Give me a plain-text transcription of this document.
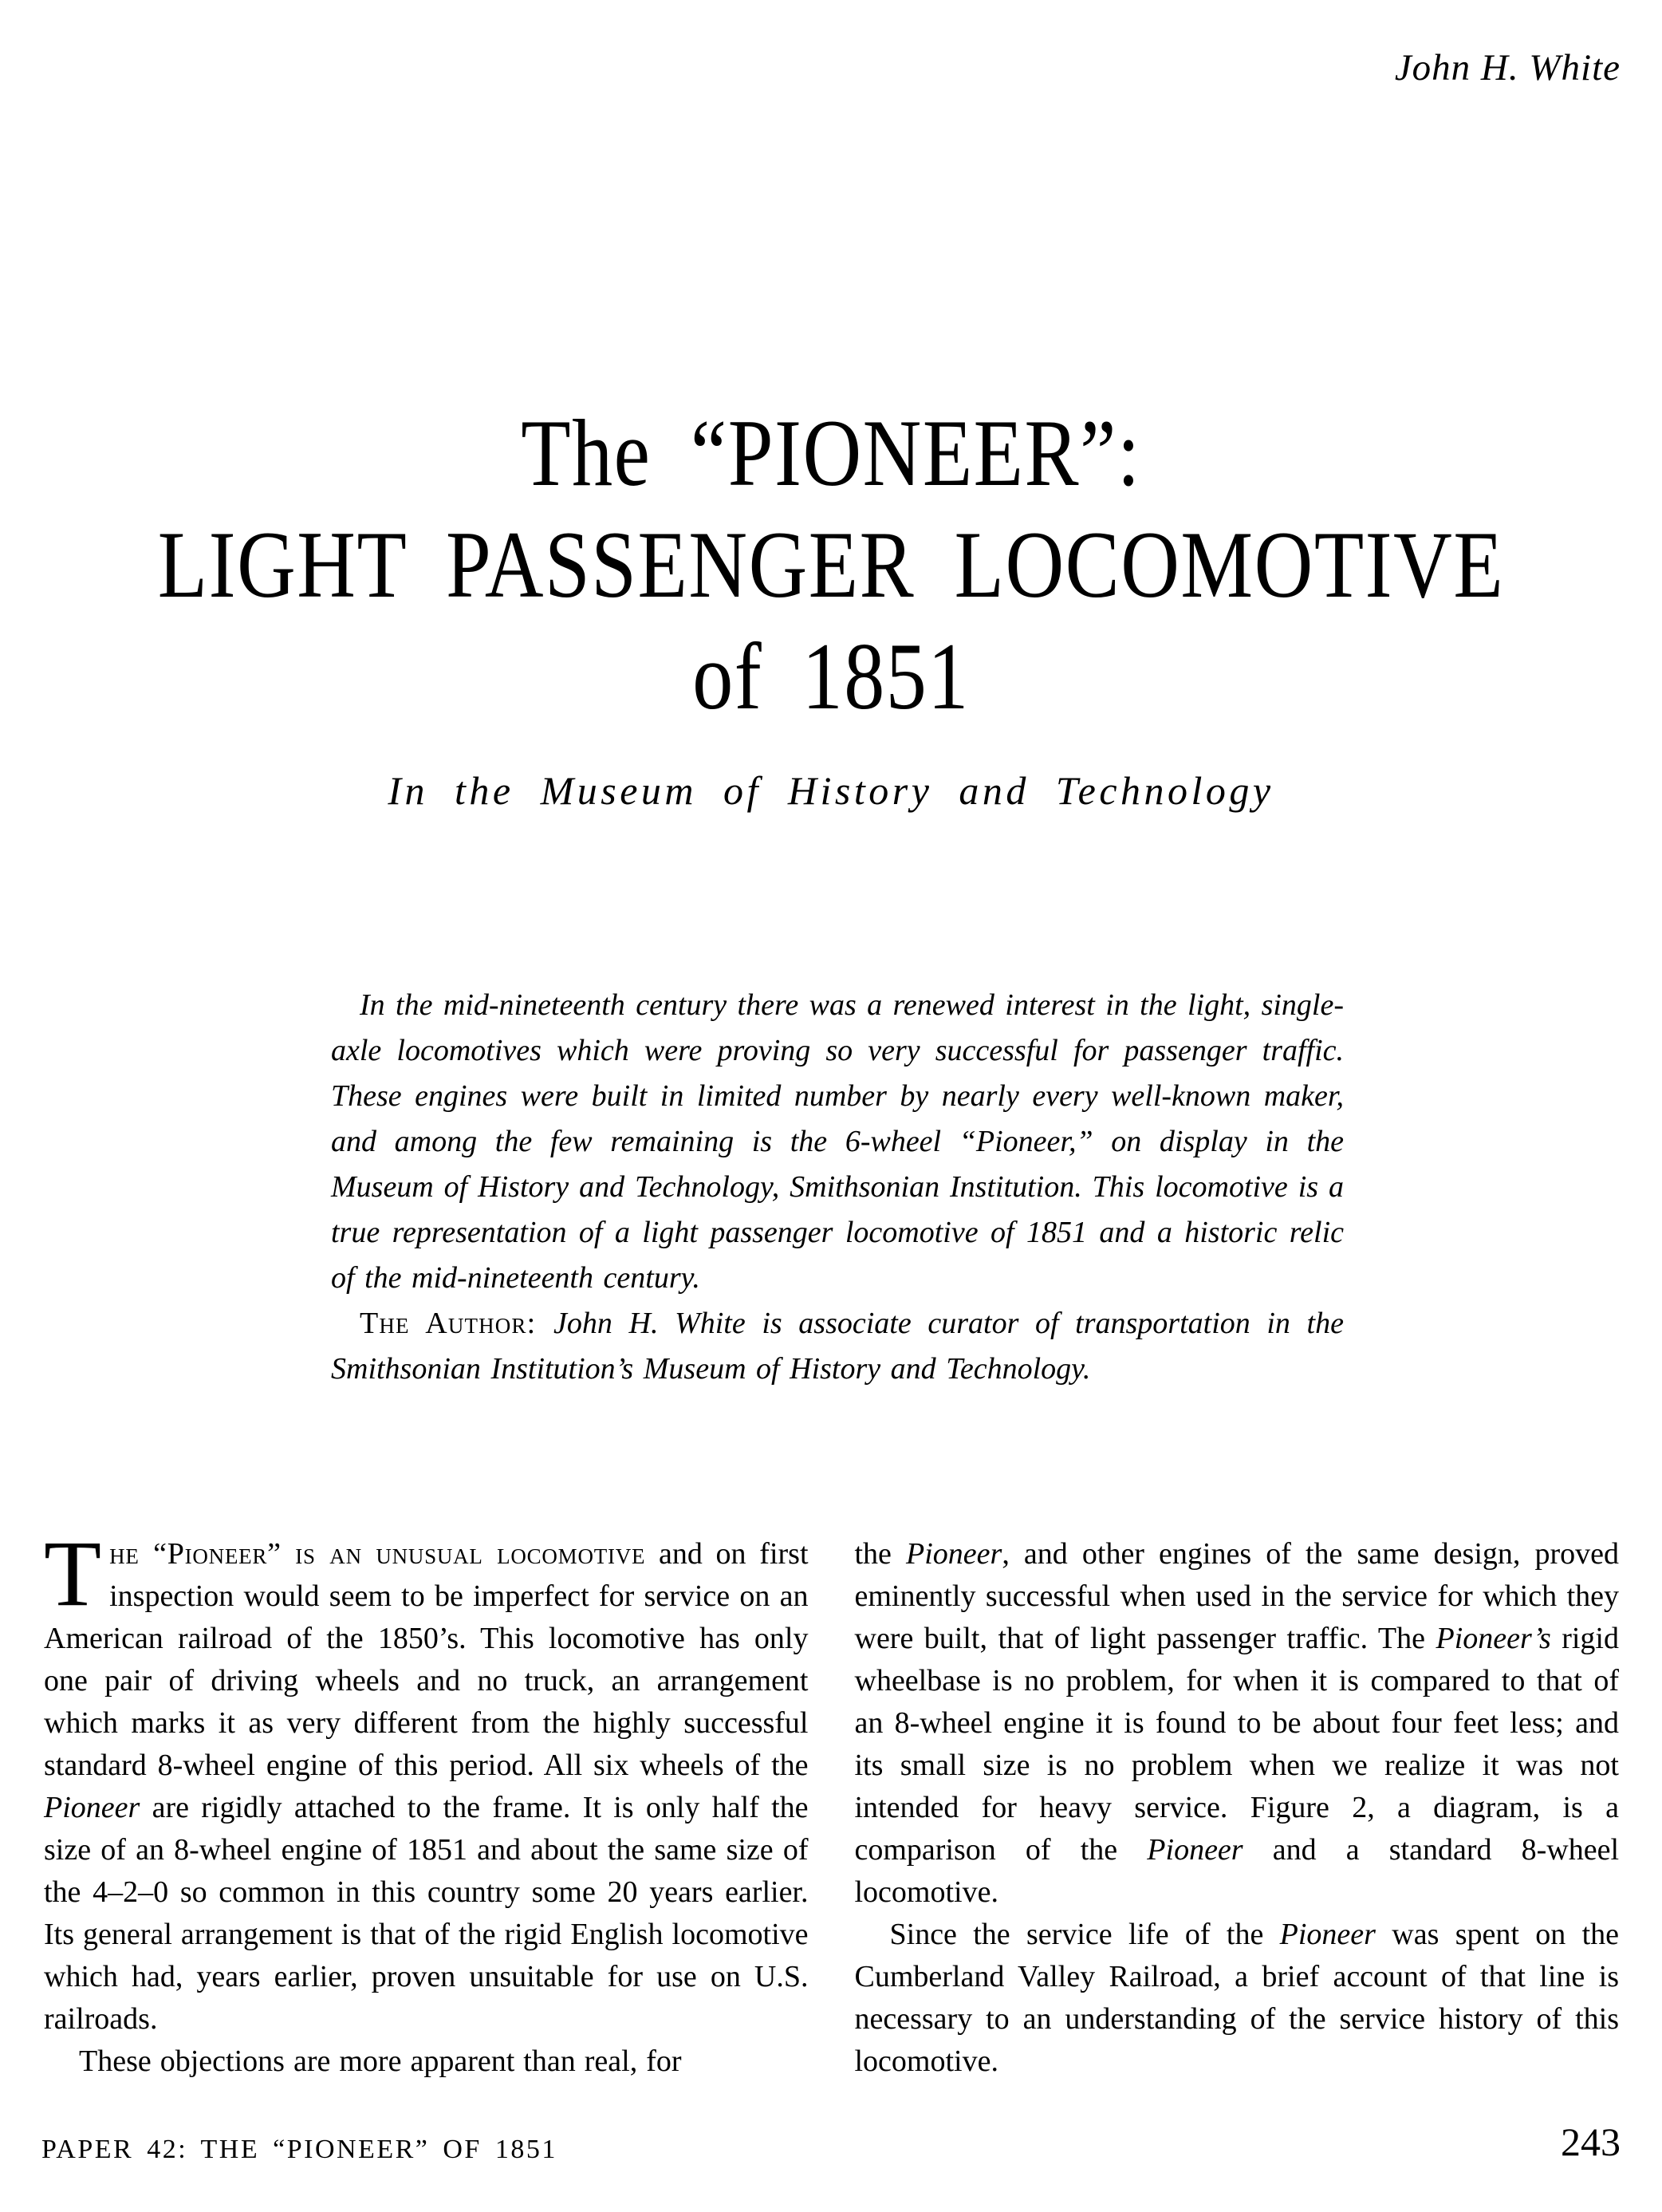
John H. White
The “PIONEER”:
LIGHT PASSENGER LOCOMOTIVE
of 1851
In the Museum of History and Technology

In the mid-nineteenth century there was a renewed interest in the light, single-axle locomotives which were proving so very successful for passenger traffic. These engines were built in limited number by nearly every well-known maker, and among the few remaining is the 6-wheel “Pioneer,” on display in the Museum of History and Technology, Smithsonian Institution. This locomotive is a true representation of a light passenger locomotive of 1851 and a historic relic of the mid-nineteenth century.

The Author: John H. White is associate curator of transportation in the Smithsonian Institution’s Museum of History and Technology.

The “Pioneer” is an unusual locomotive and on first inspection would seem to be imperfect for service on an American railroad of the 1850’s. This locomotive has only one pair of driving wheels and no truck, an arrangement which marks it as very different from the highly successful standard 8-wheel engine of this period. All six wheels of the Pioneer are rigidly attached to the frame. It is only half the size of an 8-wheel engine of 1851 and about the same size of the 4–2–0 so common in this country some 20 years earlier. Its general arrangement is that of the rigid English locomotive which had, years earlier, proven unsuitable for use on U.S. railroads.

These objections are more apparent than real, for

the Pioneer, and other engines of the same design, proved eminently successful when used in the service for which they were built, that of light passenger traffic. The Pioneer’s rigid wheelbase is no problem, for when it is compared to that of an 8-wheel engine it is found to be about four feet less; and its small size is no problem when we realize it was not intended for heavy service. Figure 2, a diagram, is a comparison of the Pioneer and a standard 8-wheel locomotive.

Since the service life of the Pioneer was spent on the Cumberland Valley Railroad, a brief account of that line is necessary to an understanding of the service history of this locomotive.

PAPER 42: THE “PIONEER” OF 1851	243
